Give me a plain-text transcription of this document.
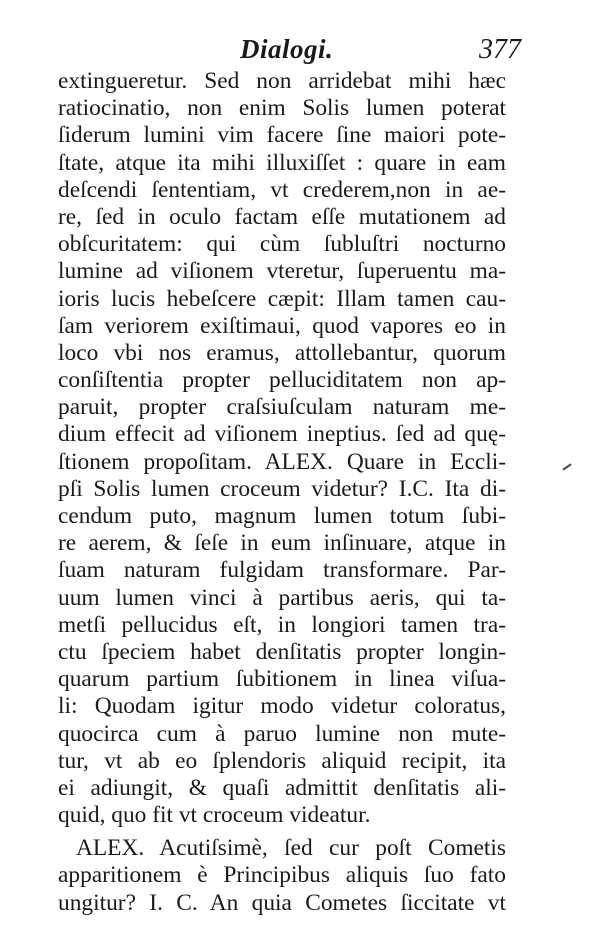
Dialogi.	377
extingueretur. Sed non arridebat mihi hæc
ratiocinatio, non enim Solis lumen poterat
ſiderum lumini vim facere ſine maiori pote-
ſtate, atque ita mihi illuxiſſet : quare in eam
deſcendi ſententiam, vt crederem,non in ae-
re, ſed in oculo factam eſſe mutationem ad
obſcuritatem: qui cùm ſubluſtri nocturno
lumine ad viſionem vteretur, ſuperuentu ma-
ioris lucis hebeſcere cæpit: Illam tamen cau-
ſam veriorem exiſtimaui, quod vapores eo in
loco vbi nos eramus, attollebantur, quorum
conſiſtentia propter pelluciditatem non ap-
paruit, propter craſsiuſculam naturam me-
dium effecit ad viſionem ineptius. ſed ad quę-
ſtionem propoſitam. ALEX. Quare in Eccli-
pſi Solis lumen croceum videtur? I.C. Ita di-
cendum puto, magnum lumen totum ſubi-
re aerem, & ſeſe in eum inſinuare, atque in
ſuam naturam fulgidam transformare. Par-
uum lumen vinci à partibus aeris, qui ta-
metſi pellucidus eſt, in longiori tamen tra-
ctu ſpeciem habet denſitatis propter longin-
quarum partium ſubitionem in linea viſua-
li: Quodam igitur modo videtur coloratus,
quocirca cum à paruo lumine non mute-
tur, vt ab eo ſplendoris aliquid recipit, ita
ei adiungit, & quaſi admittit denſitatis ali-
quid, quo fit vt croceum videatur.
ALEX. Acutiſsimè, ſed cur poſt Cometis
apparitionem è Principibus aliquis ſuo fato
ungitur? I. C. An quia Cometes ſiccitate vt
